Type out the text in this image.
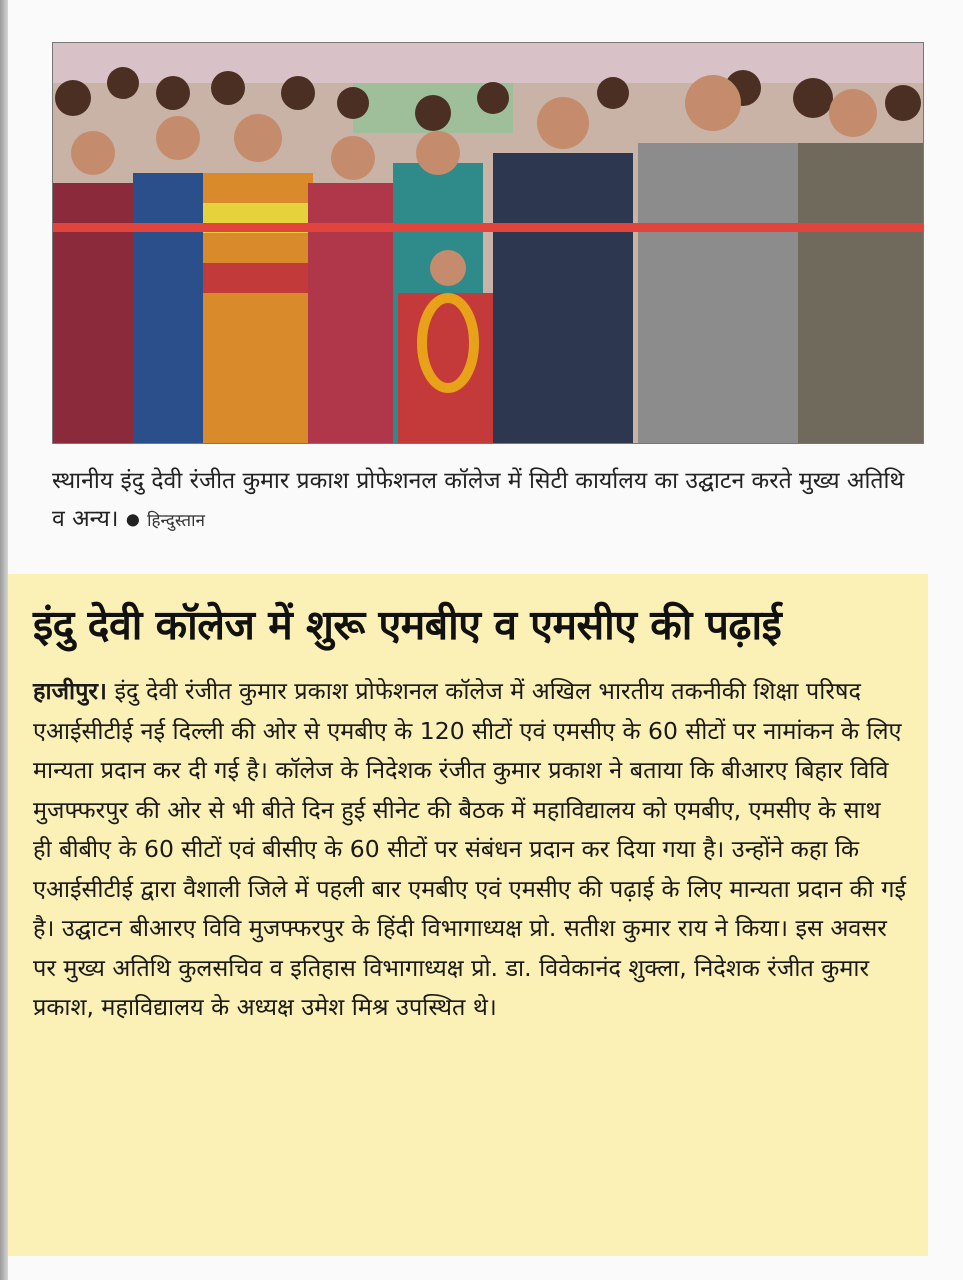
स्थानीय इंदु देवी रंजीत कुमार प्रकाश प्रोफेशनल कॉलेज में सिटी कार्यालय का उद्घाटन करते मुख्य अतिथि व अन्य। ● हिन्दुस्तान
इंदु देवी कॉलेज में शुरू एमबीए व एमसीए की पढ़ाई

हाजीपुर। इंदु देवी रंजीत कुमार प्रकाश प्रोफेशनल कॉलेज में अखिल भारतीय तकनीकी शिक्षा परिषद एआईसीटीई नई दिल्ली की ओर से एमबीए के 120 सीटों एवं एमसीए के 60 सीटों पर नामांकन के लिए मान्यता प्रदान कर दी गई है। कॉलेज के निदेशक रंजीत कुमार प्रकाश ने बताया कि बीआरए बिहार विवि मुजफ्फरपुर की ओर से भी बीते दिन हुई सीनेट की बैठक में महाविद्यालय को एमबीए, एमसीए के साथ ही बीबीए के 60 सीटों एवं बीसीए के 60 सीटों पर संबंधन प्रदान कर दिया गया है। उन्होंने कहा कि एआईसीटीई द्वारा वैशाली जिले में पहली बार एमबीए एवं एमसीए की पढ़ाई के लिए मान्यता प्रदान की गई है। उद्घाटन बीआरए विवि मुजफ्फरपुर के हिंदी विभागाध्यक्ष प्रो. सतीश कुमार राय ने किया। इस अवसर पर मुख्य अतिथि कुलसचिव व इतिहास विभागाध्यक्ष प्रो. डा. विवेकानंद शुक्ला, निदेशक रंजीत कुमार प्रकाश, महाविद्यालय के अध्यक्ष उमेश मिश्र उपस्थित थे।
